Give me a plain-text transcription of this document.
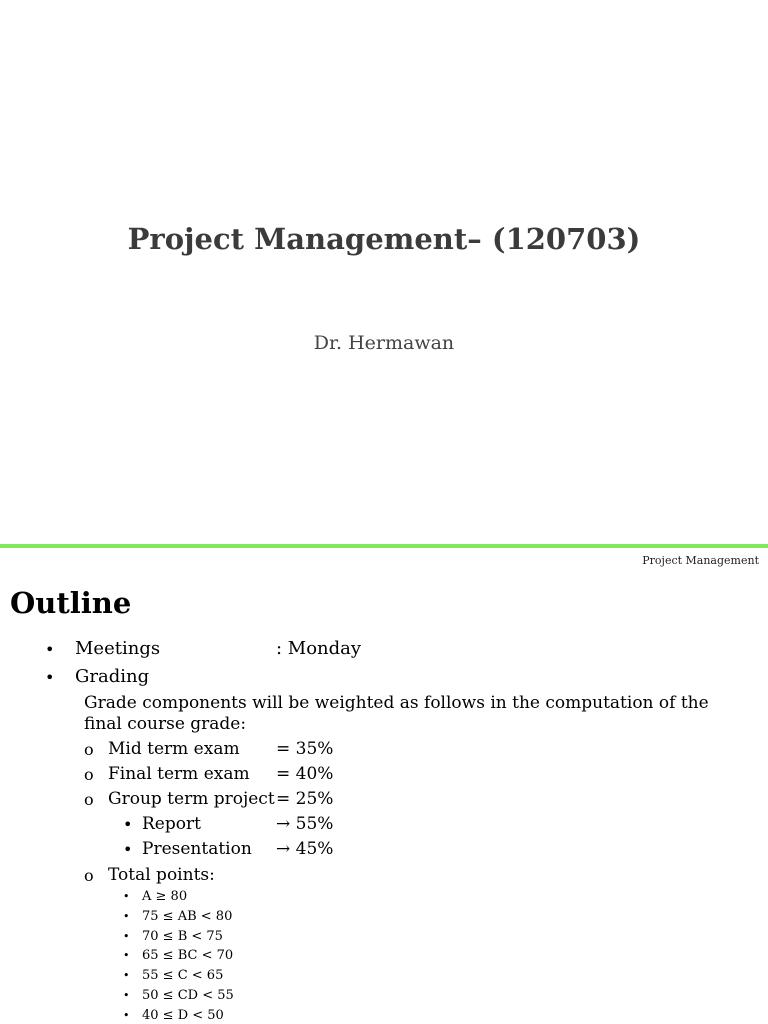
Project Management– (120703)
Dr. Hermawan
Project Management
Outline
• Meetings	: Monday
• Grading
Grade components will be weighted as follows in the computation of the final course grade:
o Mid term exam = 35%
o Final term exam = 40%
o Group term project = 25%
• Report	→ 55%
• Presentation → 45%
o Total points:
• A ≥ 80
• 75 ≤ AB < 80
• 70 ≤ B < 75
• 65 ≤ BC < 70
• 55 ≤ C < 65
• 50 ≤ CD < 55
• 40 ≤ D < 50
